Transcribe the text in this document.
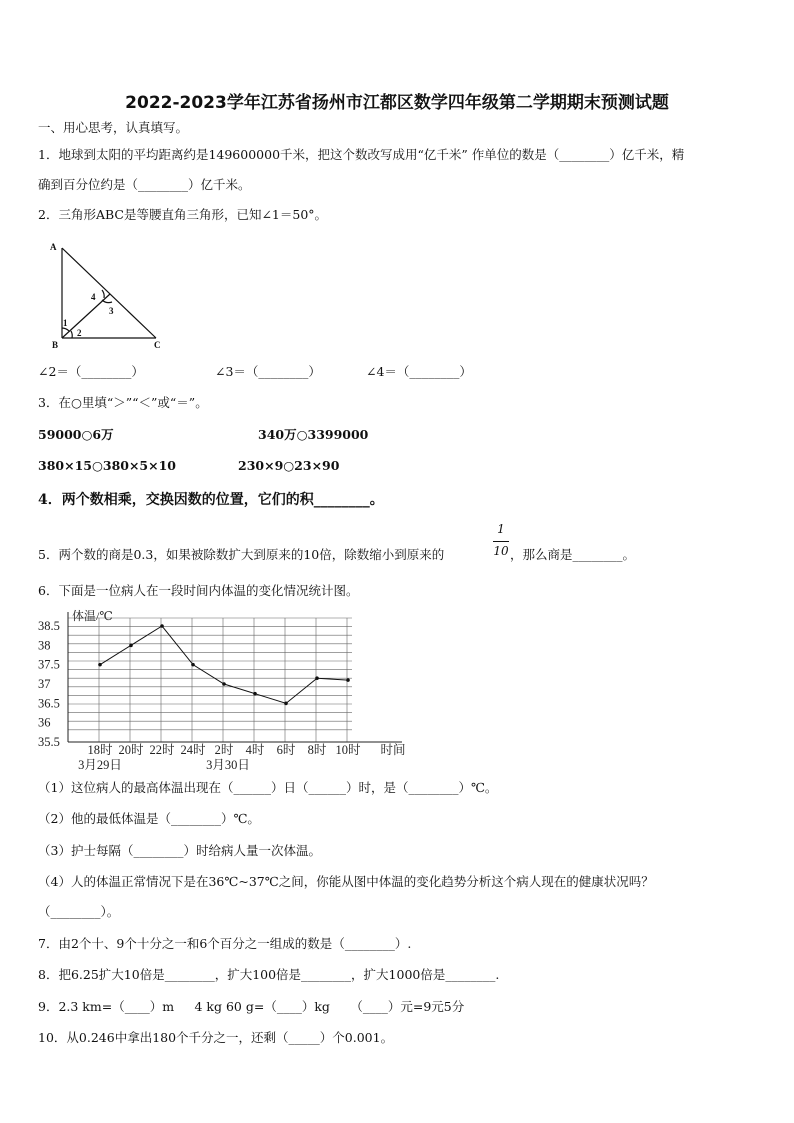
2022-2023学年江苏省扬州市江都区数学四年级第二学期期末预测试题
一、用心思考，认真填写。
1．地球到太阳的平均距离约是149600000千米，把这个数改写成用“亿千米” 作单位的数是（________）亿千米，精
确到百分位约是（________）亿千米。
2．三角形ABC是等腰直角三角形，已知∠1＝50°。
A
B	C
1
2
3
4
∠2＝（________）	∠3＝（________）	∠4＝（________）
3．在○里填“＞”“＜”或“＝”。
59000○6万	340万○3399000
380×15○380×5×10	230×9○23×90
4．两个数相乘，交换因数的位置，它们的积________。
5．两个数的商是0.3，如果被除数扩大到原来的10倍，除数缩小到原来的
1
10 ，那么商是________。
6．下面是一位病人在一段时间内体温的变化情况统计图。
38.5
38
37.5
37
36.5
36
35.5
体温/℃
18时 20时 22时 24时 2时 4时 6时 8时 10时 时间
3月29日	3月30日
（1）这位病人的最高体温出现在（______）日（______）时，是（________）℃。
（2）他的最低体温是（________）℃。
（3）护士每隔（________）时给病人量一次体温。
（4）人的体温正常情况下是在36℃~37℃之间，你能从图中体温的变化趋势分析这个病人现在的健康状况吗？
（________）。
7．由2个十、9个十分之一和6个百分之一组成的数是（________）.
8．把6.25扩大10倍是________，扩大100倍是________，扩大1000倍是________.
9．2.3 km=（____）m 　 4 kg 60 g=（____）kg 　 （____）元=9元5分
10．从0.246中拿出180个千分之一，还剩（_____）个0.001。
